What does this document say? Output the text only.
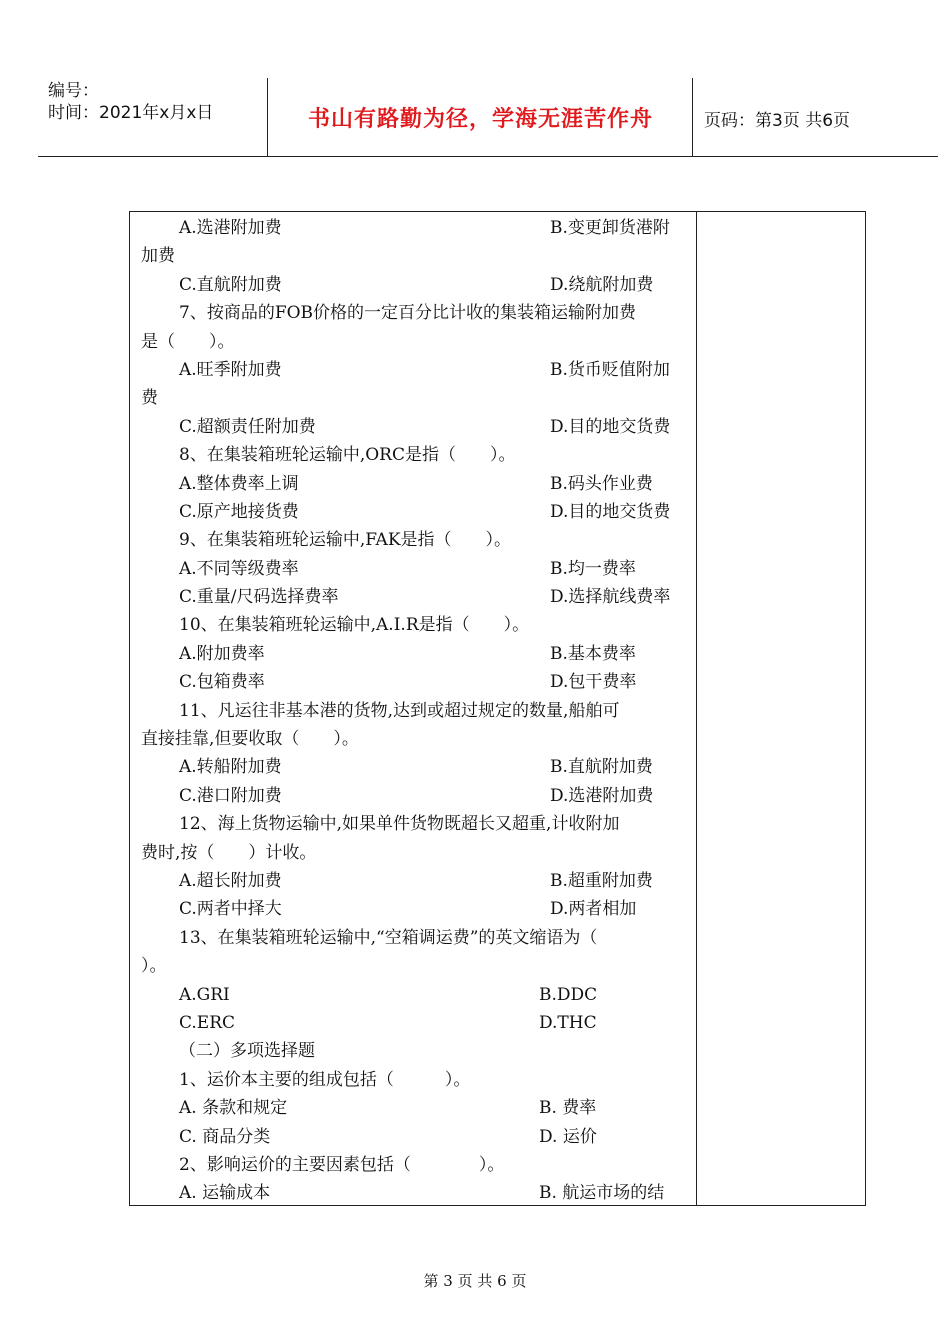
编号：
时间：2021年x月x日	书山有路勤为径，学海无涯苦作舟	页码：第3页 共6页
A.选港附加费	B.变更卸货港附
加费
C.直航附加费	D.绕航附加费
7、按商品的FOB价格的一定百分比计收的集装箱运输附加费
是（　　）。
A.旺季附加费	B.货币贬值附加
费
C.超额责任附加费	D.目的地交货费
8、在集装箱班轮运输中,ORC是指（　　）。
A.整体费率上调	B.码头作业费
C.原产地接货费	D.目的地交货费
9、在集装箱班轮运输中,FAK是指（　　）。
A.不同等级费率	B.均一费率
C.重量/尺码选择费率	D.选择航线费率
10、在集装箱班轮运输中,A.I.R是指（　　）。
A.附加费率	B.基本费率
C.包箱费率	D.包干费率
11、凡运往非基本港的货物,达到或超过规定的数量,船舶可
直接挂靠,但要收取（　　）。
A.转船附加费	B.直航附加费
C.港口附加费	D.选港附加费
12、海上货物运输中,如果单件货物既超长又超重,计收附加
费时,按（　　）计收。
A.超长附加费	B.超重附加费
C.两者中择大	D.两者相加
13、在集装箱班轮运输中,“空箱调运费”的英文缩语为（
）。
A.GRI	B.DDC
C.ERC	D.THC
（二）多项选择题
1、运价本主要的组成包括（　　　）。
A. 条款和规定	B. 费率
C. 商品分类	D. 运价
2、影响运价的主要因素包括（　　　　）。
A. 运输成本	B. 航运市场的结
第 3 页 共 6 页
